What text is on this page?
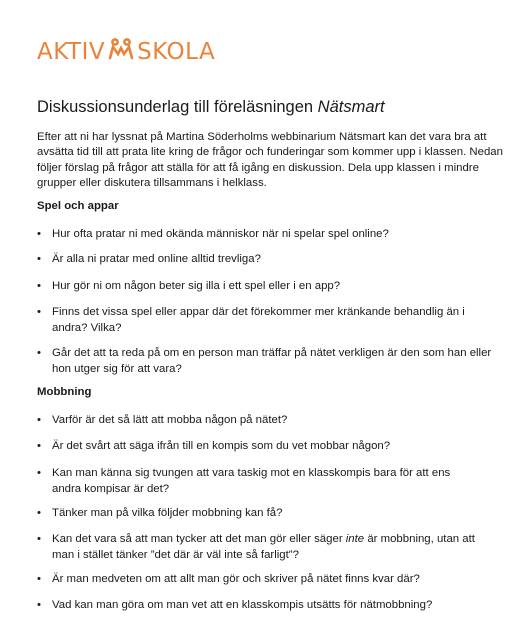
AKTIV SKOLA
Diskussionsunderlag till föreläsningen Nätsmart

Efter att ni har lyssnat på Martina Söderholms webbinarium Nätsmart kan det vara bra att avsätta tid till att prata lite kring de frågor och funderingar som kommer upp i klassen. Nedan följer förslag på frågor att ställa för att få igång en diskussion. Dela upp klassen i mindre grupper eller diskutera tillsammans i helklass.

Spel och appar

• Hur ofta pratar ni med okända människor när ni spelar spel online?
• Är alla ni pratar med online alltid trevliga?
• Hur gör ni om någon beter sig illa i ett spel eller i en app?
• Finns det vissa spel eller appar där det förekommer mer kränkande behandlig än i andra? Vilka?
• Går det att ta reda på om en person man träffar på nätet verkligen är den som han eller hon utger sig för att vara?

Mobbning

• Varför är det så lätt att mobba någon på nätet?
• Är det svårt att säga ifrån till en kompis som du vet mobbar någon?
• Kan man känna sig tvungen att vara taskig mot en klasskompis bara för att ens andra kompisar är det?
• Tänker man på vilka följder mobbning kan få?
• Kan det vara så att man tycker att det man gör eller säger inte är mobbning, utan att man i stället tänker ”det där är väl inte så farligt”?
• Är man medveten om att allt man gör och skriver på nätet finns kvar där?
• Vad kan man göra om man vet att en klasskompis utsätts för nätmobbning?
